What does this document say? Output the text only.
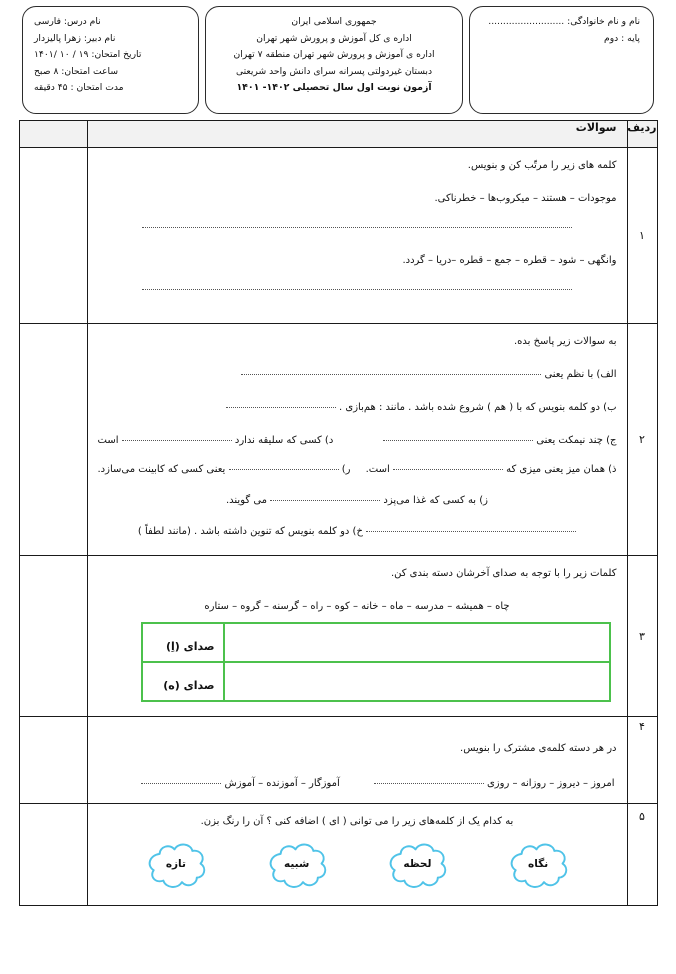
نام و نام خانوادگی: ..........................
پایه : دوم
جمهوری اسلامی ایران
اداره ی کل آموزش و پرورش شهر تهران
اداره ی آموزش و پرورش شهر تهران منطقه ۷ تهران
دبستان غیردولتی پسرانه سرای دانش واحد شریعتی
آزمون نوبت اول سال تحصیلی ۱۴۰۲- ۱۴۰۱
نام درس: فارسی
نام دبیر: زهرا پالیزدار
تاریخ امتحان: ۱۹ / ۱۰ /۱۴۰۱
ساعت امتحان: ۸ صبح
مدت امتحان : ۴۵ دقیقه
ردیف	سوالات	
۱	
کلمه های زیر را مرتّب کن و بنویس.
موجودات – هستند – میکروب‌ها – خطرناکی.
وانگهی – شود – قطره – جمع – قطره –دریا – گردد.

۲	
به سوالات زیر پاسخ بده.
الف) با نظم یعنی
ب) دو کلمه بنویس که با ( هم ) شروع شده باشد . مانند : هم‌بازی .
ج) چند نیمکت یعنی
د) کسی که سلیقه ندارد  است
ذ) همان میز یعنی میزی که  است.
ر)  یعنی کسی که کابینت می‌سازد.
ز) به کسی که غذا می‌پزد  می گویند.
خ) دو کلمه بنویس که تنوین داشته باشد . (مانند لطفاً )

۳	
کلمات زیر را با توجه به صدای آخرشان دسته بندی کن.
چاه – همیشه – مدرسه – ماه – خانه – کوه – راه – گرسنه – گروه – ستاره
	صدای (اِ)
	صدای (ه)

۴

در هر دسته کلمه‌ی مشترک را بنویس.
امروز – دیروز – روزانه – روزی
آموزگار – آموزنده – آموزش

۵

به کدام یک از کلمه‌های زیر را می توانی ( ای ) اضافه کنی ؟ آن را رنگ بزن.
نگاه
لحظه
شبیه
تازه
